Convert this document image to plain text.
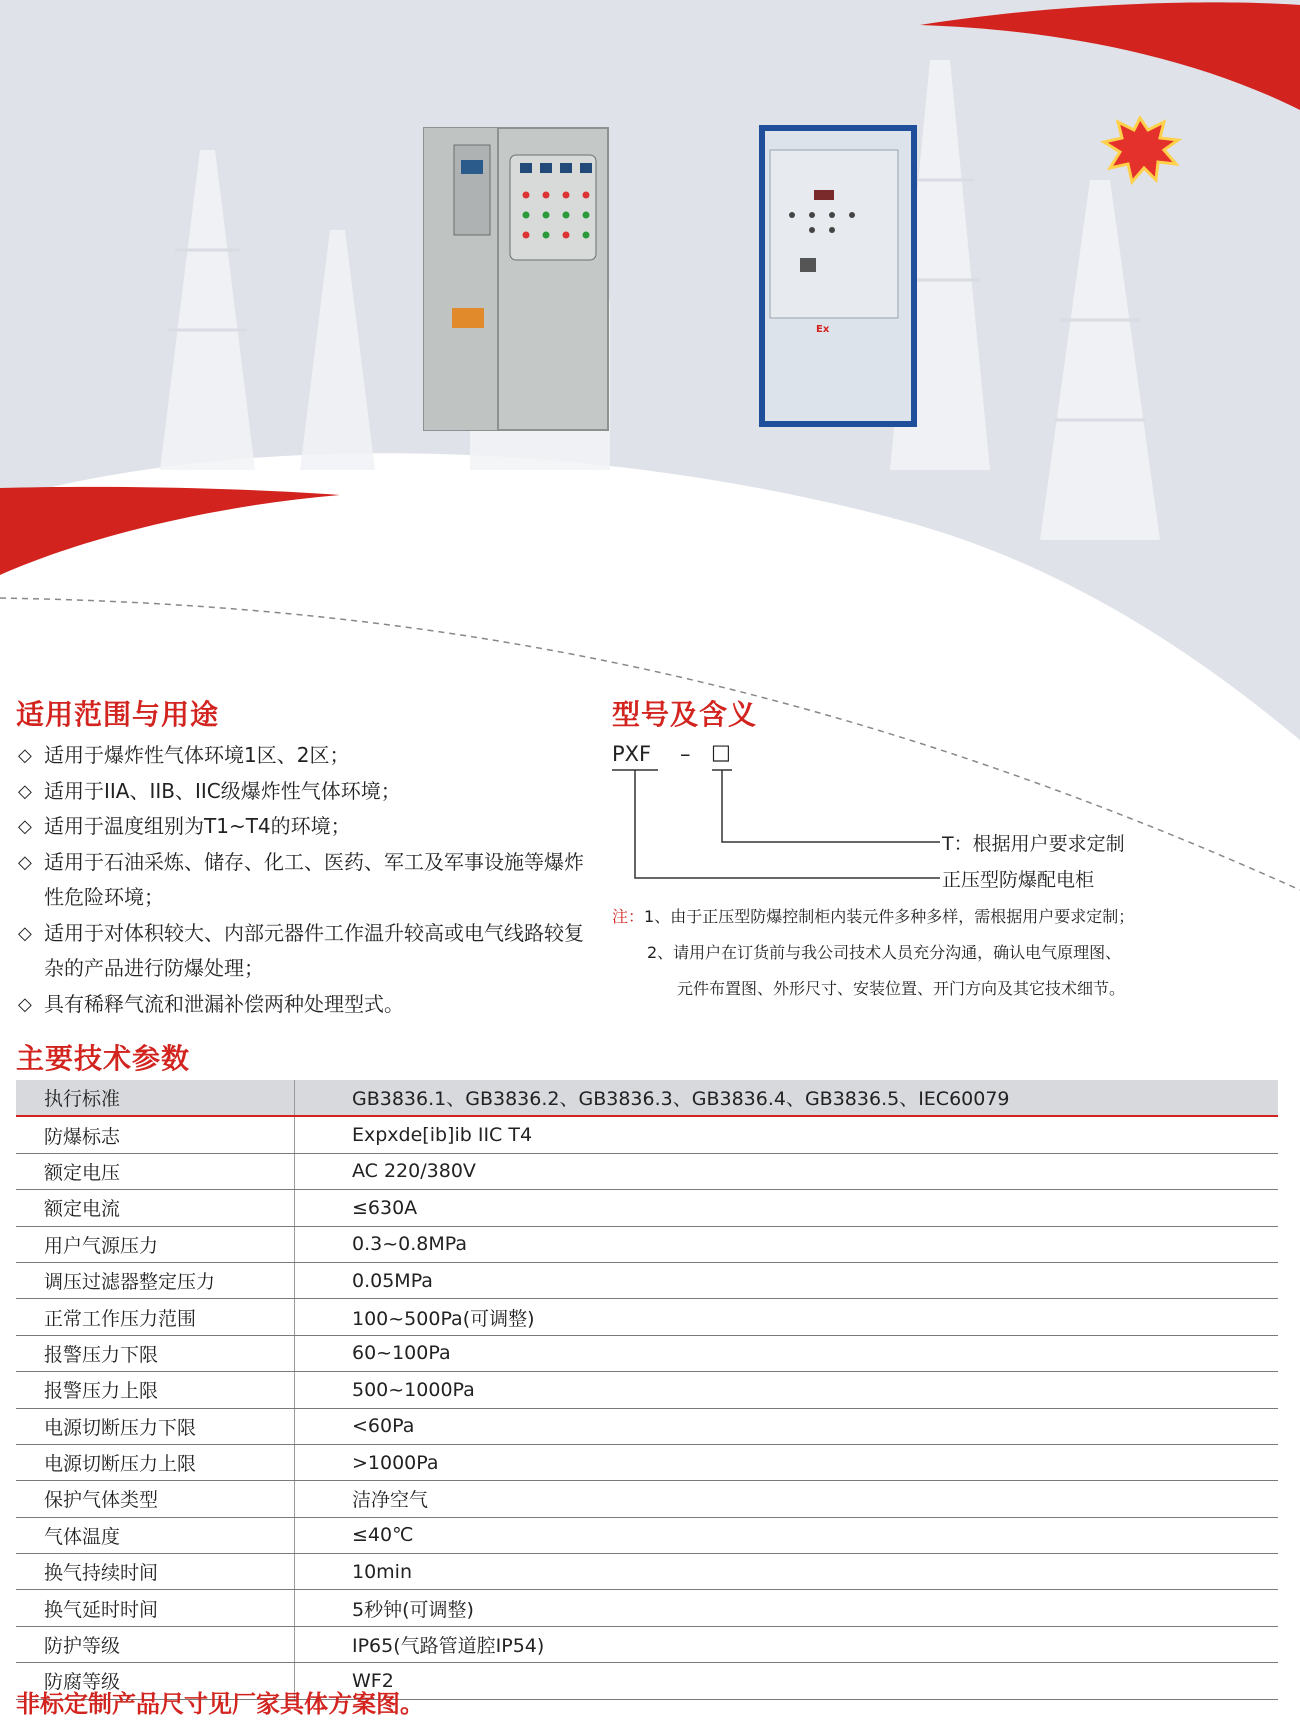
Ex
适用范围与用途
◇ 适用于爆炸性气体环境1区、2区；
◇ 适用于IIA、IIB、IIC级爆炸性气体环境；
◇ 适用于温度组别为T1~T4的环境；
◇ 适用于石油采炼、储存、化工、医药、军工及军事设施等爆炸性危险环境；
◇ 适用于对体积较大、内部元器件工作温升较高或电气线路较复杂的产品进行防爆处理；
◇ 具有稀释气流和泄漏补偿两种处理型式。
型号及含义
PXF – □
T：根据用户要求定制
正压型防爆配电柜
注：1、由于正压型防爆控制柜内装元件多种多样，需根据用户要求定制；
2、请用户在订货前与我公司技术人员充分沟通，确认电气原理图、
元件布置图、外形尺寸、安装位置、开门方向及其它技术细节。
主要技术参数
执行标准	GB3836.1、GB3836.2、GB3836.3、GB3836.4、GB3836.5、IEC60079
防爆标志	Expxde[ib]ib IIC T4
额定电压	AC 220/380V
额定电流	≤630A
用户气源压力	0.3~0.8MPa
调压过滤器整定压力	0.05MPa
正常工作压力范围	100~500Pa(可调整)
报警压力下限	60~100Pa
报警压力上限	500~1000Pa
电源切断压力下限	<60Pa
电源切断压力上限	>1000Pa
保护气体类型	洁净空气
气体温度	≤40℃
换气持续时间	10min
换气延时时间	5秒钟(可调整)
防护等级	IP65(气路管道腔IP54)
防腐等级	WF2
非标定制产品尺寸见厂家具体方案图。
